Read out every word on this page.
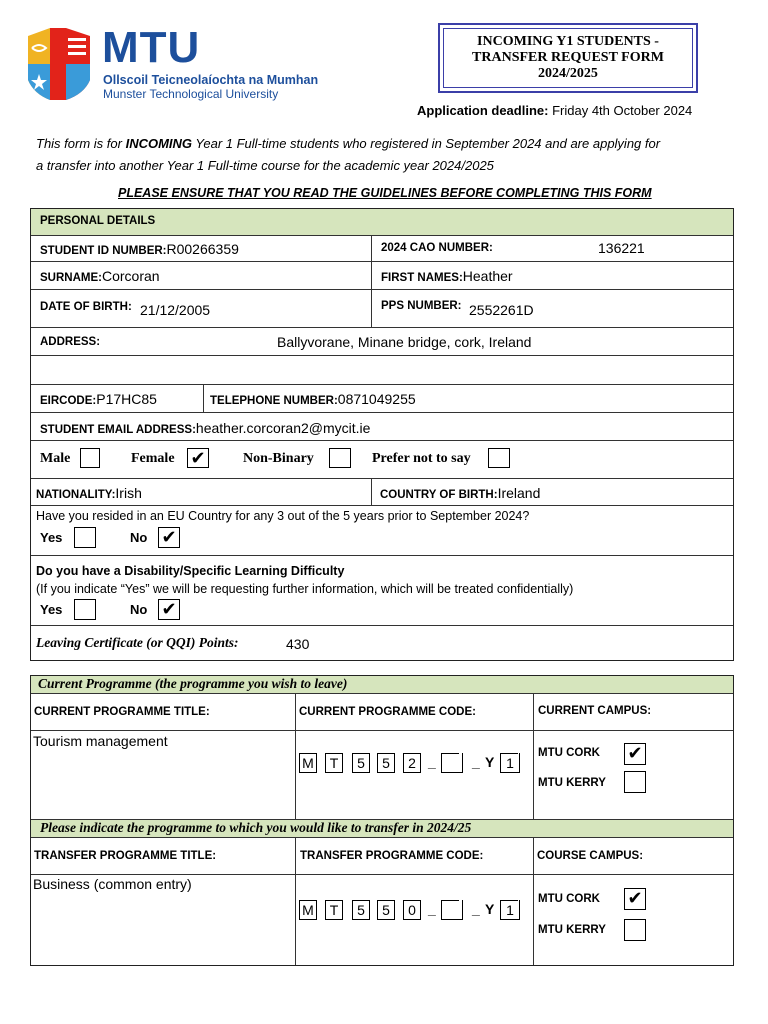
MTU
Ollscoil Teicneolaíochta na Mumhan
Munster Technological University
INCOMING Y1 STUDENTS -
TRANSFER REQUEST FORM
2024/2025
Application deadline: Friday 4th October 2024
This form is for INCOMING Year 1 Full-time students who registered in September 2024 and are applying for
a transfer into another Year 1 Full-time course for the academic year 2024/2025
PLEASE ENSURE THAT YOU READ THE GUIDELINES BEFORE COMPLETING THIS FORM
PERSONAL DETAILS
STUDENT ID NUMBER:R00266359	2024 CAO NUMBER:	136221
SURNAME:Corcoran	FIRST NAMES:Heather
DATE OF BIRTH: 21/12/2005	PPS NUMBER: 2552261D
ADDRESS:	Ballyvorane, Minane bridge, cork, Ireland
EIRCODE:P17HC85	TELEPHONE NUMBER:0871049255
STUDENT EMAIL ADDRESS:heather.corcoran2@mycit.ie
Male	Female ✔	Non-Binary	Prefer not to say
NATIONALITY:Irish	COUNTRY OF BIRTH:Ireland
Have you resided in an EU Country for any 3 out of the 5 years prior to September 2024?
Yes	No ✔
Do you have a Disability/Specific Learning Difficulty
(If you indicate “Yes” we will be requesting further information, which will be treated confidentially)
Yes	No ✔
Leaving Certificate (or QQI) Points:	430
Current Programme (the programme you wish to leave)
Please indicate the programme to which you would like to transfer in 2024/25
CURRENT PROGRAMME TITLE:	CURRENT PROGRAMME CODE:	CURRENT CAMPUS:
Tourism management
M	T	5	5	2 _	_ Y 1
MTU CORK ✔
MTU KERRY
TRANSFER PROGRAMME TITLE:	TRANSFER PROGRAMME CODE:	COURSE CAMPUS:
Business (common entry)
M	T	5	5	0 _	_ Y 1
MTU CORK ✔
MTU KERRY
